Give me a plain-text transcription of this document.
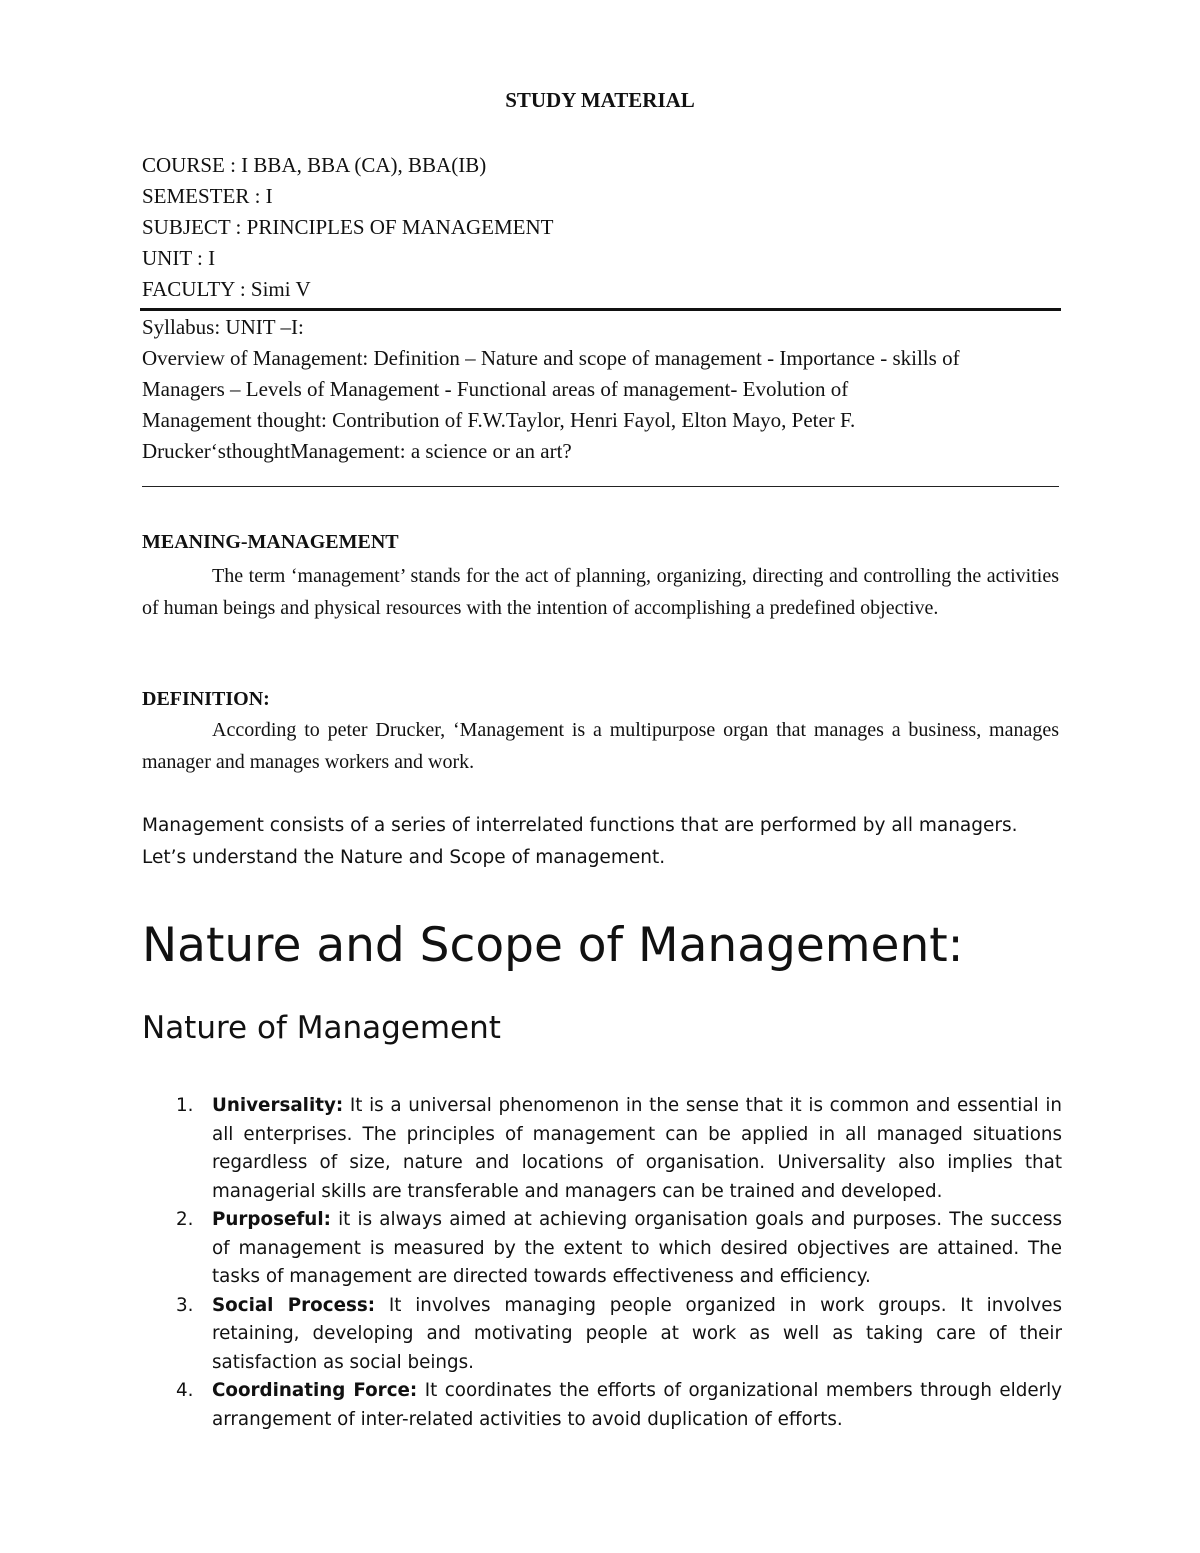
STUDY MATERIAL
COURSE : I BBA, BBA (CA), BBA(IB)
SEMESTER : I
SUBJECT : PRINCIPLES OF MANAGEMENT
UNIT : I
FACULTY : Simi V
Syllabus: UNIT –I:
Overview of Management: Definition – Nature and scope of management - Importance - skills of
Managers – Levels of Management - Functional areas of management- Evolution of
Management thought: Contribution of F.W.Taylor, Henri Fayol, Elton Mayo, Peter F.
Drucker‘sthoughtManagement: a science or an art?
MEANING-MANAGEMENT
The term ‘management’ stands for the act of planning, organizing, directing and controlling the activities of human beings and physical resources with the intention of accomplishing a predefined objective.
DEFINITION:
According to peter Drucker, ‘Management is a multipurpose organ that manages a business, manages manager and manages workers and work.
Management consists of a series of interrelated functions that are performed by all managers. Let’s understand the Nature and Scope of management.
Nature and Scope of Management:
Nature of Management
1. Universality: It is a universal phenomenon in the sense that it is common and essential in all enterprises. The principles of management can be applied in all managed situations regardless of size, nature and locations of organisation. Universality also implies that managerial skills are transferable and managers can be trained and developed.
2. Purposeful: it is always aimed at achieving organisation goals and purposes. The success of management is measured by the extent to which desired objectives are attained. The tasks of management are directed towards effectiveness and efficiency.
3. Social Process: It involves managing people organized in work groups. It involves retaining, developing and motivating people at work as well as taking care of their satisfaction as social beings.
4. Coordinating Force: It coordinates the efforts of organizational members through elderly arrangement of inter-related activities to avoid duplication of efforts.
